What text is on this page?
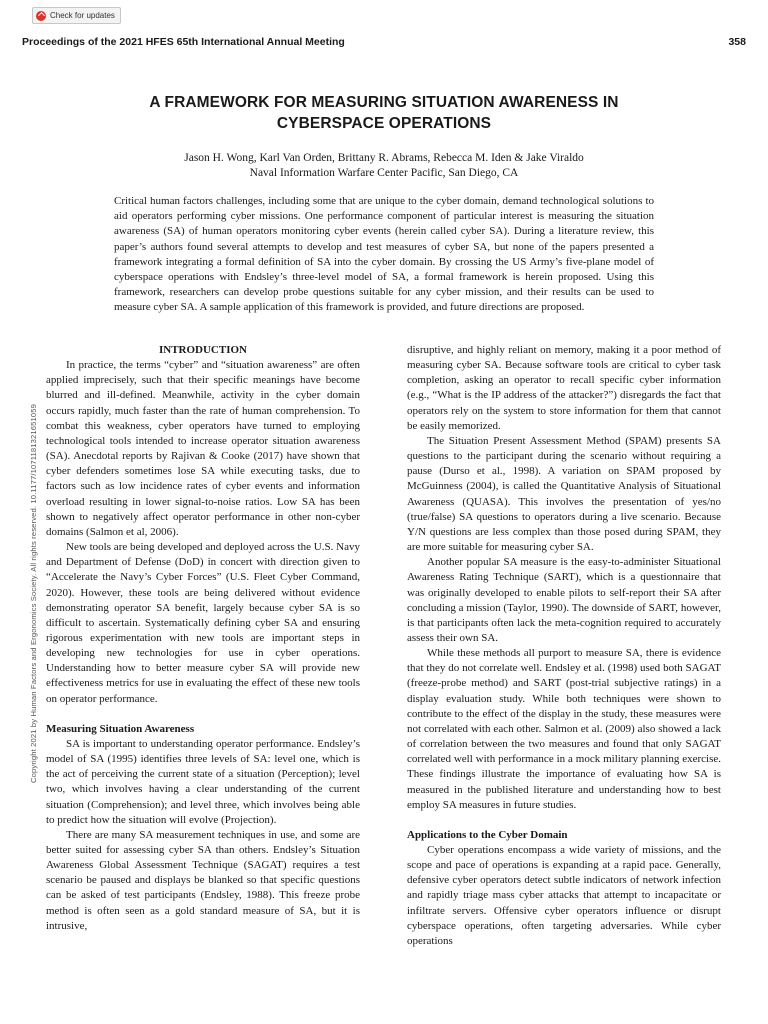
Check for updates
Proceedings of the 2021 HFES 65th International Annual Meeting	358
Copyright 2021 by Human Factors and Ergonomics Society. All rights reserved. 10.1177/1071181321651059
A FRAMEWORK FOR MEASURING SITUATION AWARENESS IN
CYBERSPACE OPERATIONS
Jason H. Wong, Karl Van Orden, Brittany R. Abrams, Rebecca M. Iden & Jake Viraldo
Naval Information Warfare Center Pacific, San Diego, CA

Critical human factors challenges, including some that are unique to the cyber domain, demand technological solutions to aid operators performing cyber missions. One performance component of particular interest is measuring the situation awareness (SA) of human operators monitoring cyber events (herein called cyber SA). During a literature review, this paper’s authors found several attempts to develop and test measures of cyber SA, but none of the papers presented a framework integrating a formal definition of SA into the cyber domain. By crossing the US Army’s five-plane model of cyberspace operations with Endsley’s three-level model of SA, a formal framework is herein proposed. Using this framework, researchers can develop probe questions suitable for any cyber mission, and their results can be used to measure cyber SA. A sample application of this framework is provided, and future directions are proposed.

INTRODUCTION

In practice, the terms “cyber” and “situation awareness” are often applied imprecisely, such that their specific meanings have become blurred and ill-defined. Meanwhile, activity in the cyber domain occurs rapidly, much faster than the rate of human comprehension. To combat this weakness, cyber operators have turned to employing technological tools intended to increase operator situation awareness (SA). Anecdotal reports by Rajivan & Cooke (2017) have shown that cyber defenders sometimes lose SA while executing tasks, due to factors such as low incidence rates of cyber events and information overload resulting in lower signal-to-noise ratios. Low SA has been shown to negatively affect operator performance in other non-cyber domains (Salmon et al, 2006).

New tools are being developed and deployed across the U.S. Navy and Department of Defense (DoD) in concert with direction given to “Accelerate the Navy’s Cyber Forces” (U.S. Fleet Cyber Command, 2020). However, these tools are being delivered without evidence demonstrating operator SA benefit, largely because cyber SA is so difficult to ascertain. Systematically defining cyber SA and ensuring rigorous experimentation with new tools are important steps in developing new technologies for use in cyber operations. Understanding how to better measure cyber SA will provide new effectiveness metrics for use in evaluating the effect of these new tools on operator performance.

Measuring Situation Awareness

SA is important to understanding operator performance. Endsley’s model of SA (1995) identifies three levels of SA: level one, which is the act of perceiving the current state of a situation (Perception); level two, which involves having a clear understanding of the current situation (Comprehension); and level three, which involves being able to predict how the situation will evolve (Projection).

There are many SA measurement techniques in use, and some are better suited for assessing cyber SA than others. Endsley’s Situation Awareness Global Assessment Technique (SAGAT) requires a test scenario be paused and displays be blanked so that specific questions can be asked of test participants (Endsley, 1988). This freeze probe method is often seen as a gold standard measure of SA, but it is intrusive,

disruptive, and highly reliant on memory, making it a poor method of measuring cyber SA. Because software tools are critical to cyber task completion, asking an operator to recall specific cyber information (e.g., “What is the IP address of the attacker?”) disregards the fact that operators rely on the system to store information for them that cannot be easily memorized.

The Situation Present Assessment Method (SPAM) presents SA questions to the participant during the scenario without requiring a pause (Durso et al., 1998). A variation on SPAM proposed by McGuinness (2004), is called the Quantitative Analysis of Situational Awareness (QUASA). This involves the presentation of yes/no (true/false) SA questions to operators during a live scenario. Because Y/N questions are less complex than those posed during SPAM, they are more suitable for measuring cyber SA.

Another popular SA measure is the easy-to-administer Situational Awareness Rating Technique (SART), which is a questionnaire that was originally developed to enable pilots to self-report their SA after concluding a mission (Taylor, 1990). The downside of SART, however, is that participants often lack the meta-cognition required to accurately assess their own SA.

While these methods all purport to measure SA, there is evidence that they do not correlate well. Endsley et al. (1998) used both SAGAT (freeze-probe method) and SART (post-trial subjective ratings) in a display evaluation study. While both techniques were shown to contribute to the effect of the display in the study, these measures were not correlated with each other. Salmon et al. (2009) also showed a lack of correlation between the two measures and found that only SAGAT correlated well with performance in a mock military planning exercise. These findings illustrate the importance of evaluating how SA is measured in the published literature and understanding how to best employ SA measures in future studies.

Applications to the Cyber Domain

Cyber operations encompass a wide variety of missions, and the scope and pace of operations is expanding at a rapid pace. Generally, defensive cyber operators detect subtle indicators of network infection and rapidly triage mass cyber attacks that attempt to incapacitate or infiltrate servers. Offensive cyber operators influence or disrupt cyberspace operations, often targeting adversaries. While cyber operations
